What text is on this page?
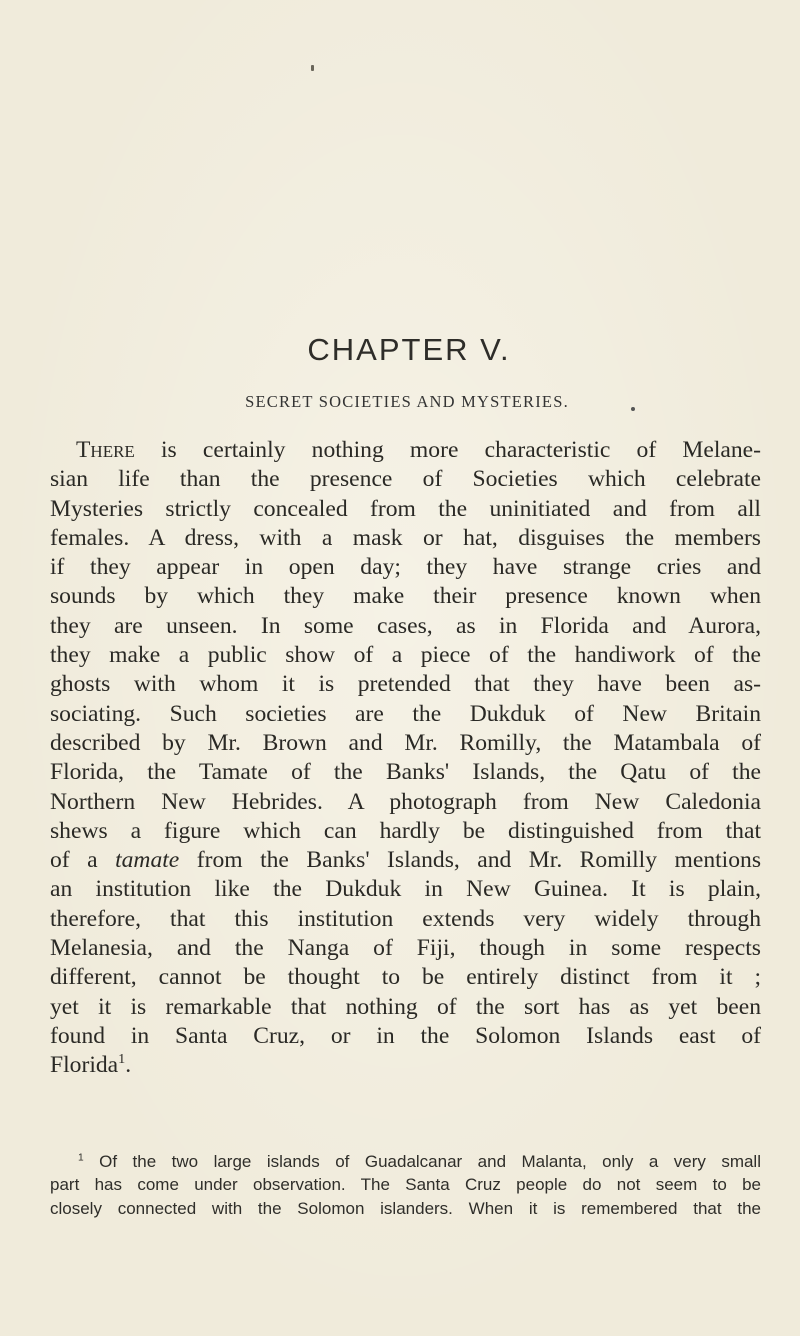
CHAPTER V.
SECRET SOCIETIES AND MYSTERIES.
There is certainly nothing more characteristic of Melane-
sian life than the presence of Societies which celebrate
Mysteries strictly concealed from the uninitiated and from all
females. A dress, with a mask or hat, disguises the members
if they appear in open day; they have strange cries and
sounds by which they make their presence known when
they are unseen. In some cases, as in Florida and Aurora,
they make a public show of a piece of the handiwork of the
ghosts with whom it is pretended that they have been as-
sociating. Such societies are the Dukduk of New Britain
described by Mr. Brown and Mr. Romilly, the Matambala of
Florida, the Tamate of the Banks' Islands, the Qatu of the
Northern New Hebrides. A photograph from New Caledonia
shews a figure which can hardly be distinguished from that
of a tamate from the Banks' Islands, and Mr. Romilly mentions
an institution like the Dukduk in New Guinea. It is plain,
therefore, that this institution extends very widely through
Melanesia, and the Nanga of Fiji, though in some respects
different, cannot be thought to be entirely distinct from it ;
yet it is remarkable that nothing of the sort has as yet been
found in Santa Cruz, or in the Solomon Islands east of
Florida$^1$.
$^1$ Of the two large islands of Guadalcanar and Malanta, only a very small
part has come under observation. The Santa Cruz people do not seem to be
closely connected with the Solomon islanders. When it is remembered that the
